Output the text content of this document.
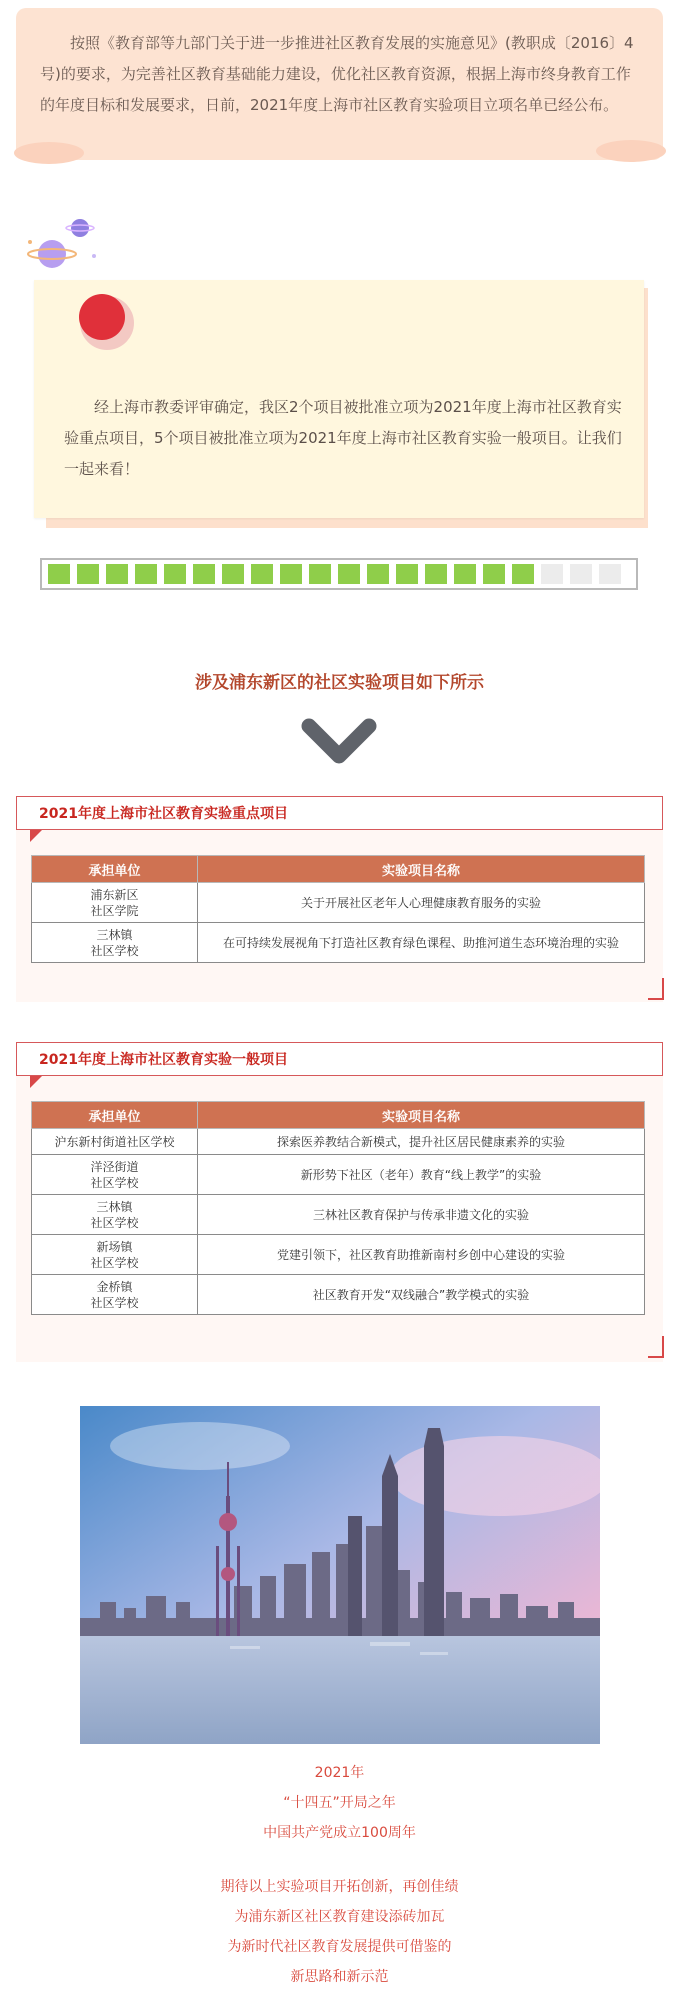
按照《教育部等九部门关于进一步推进社区教育发展的实施意见》(教职成〔2016〕4号)的要求，为完善社区教育基础能力建设，优化社区教育资源，根据上海市终身教育工作的年度目标和发展要求，日前，2021年度上海市社区教育实验项目立项名单已经公布。
经上海市教委评审确定，我区2个项目被批准立项为2021年度上海市社区教育实验重点项目，5个项目被批准立项为2021年度上海市社区教育实验一般项目。让我们一起来看！
涉及浦东新区的社区实验项目如下所示
2021年度上海市社区教育实验重点项目
承担单位	实验项目名称
浦东新区
社区学院	关于开展社区老年人心理健康教育服务的实验
三林镇
社区学校	在可持续发展视角下打造社区教育绿色课程、助推河道生态环境治理的实验
2021年度上海市社区教育实验一般项目
承担单位	实验项目名称
沪东新村街道社区学校	探索医养教结合新模式，提升社区居民健康素养的实验
洋泾街道
社区学校	新形势下社区（老年）教育“线上教学”的实验
三林镇
社区学校	三林社区教育保护与传承非遗文化的实验
新场镇
社区学校	党建引领下，社区教育助推新南村乡创中心建设的实验
金桥镇
社区学校	社区教育开发“双线融合”教学模式的实验
2021年
“十四五”开局之年
中国共产党成立100周年
期待以上实验项目开拓创新，再创佳绩
为浦东新区社区教育建设添砖加瓦
为新时代社区教育发展提供可借鉴的
新思路和新示范
